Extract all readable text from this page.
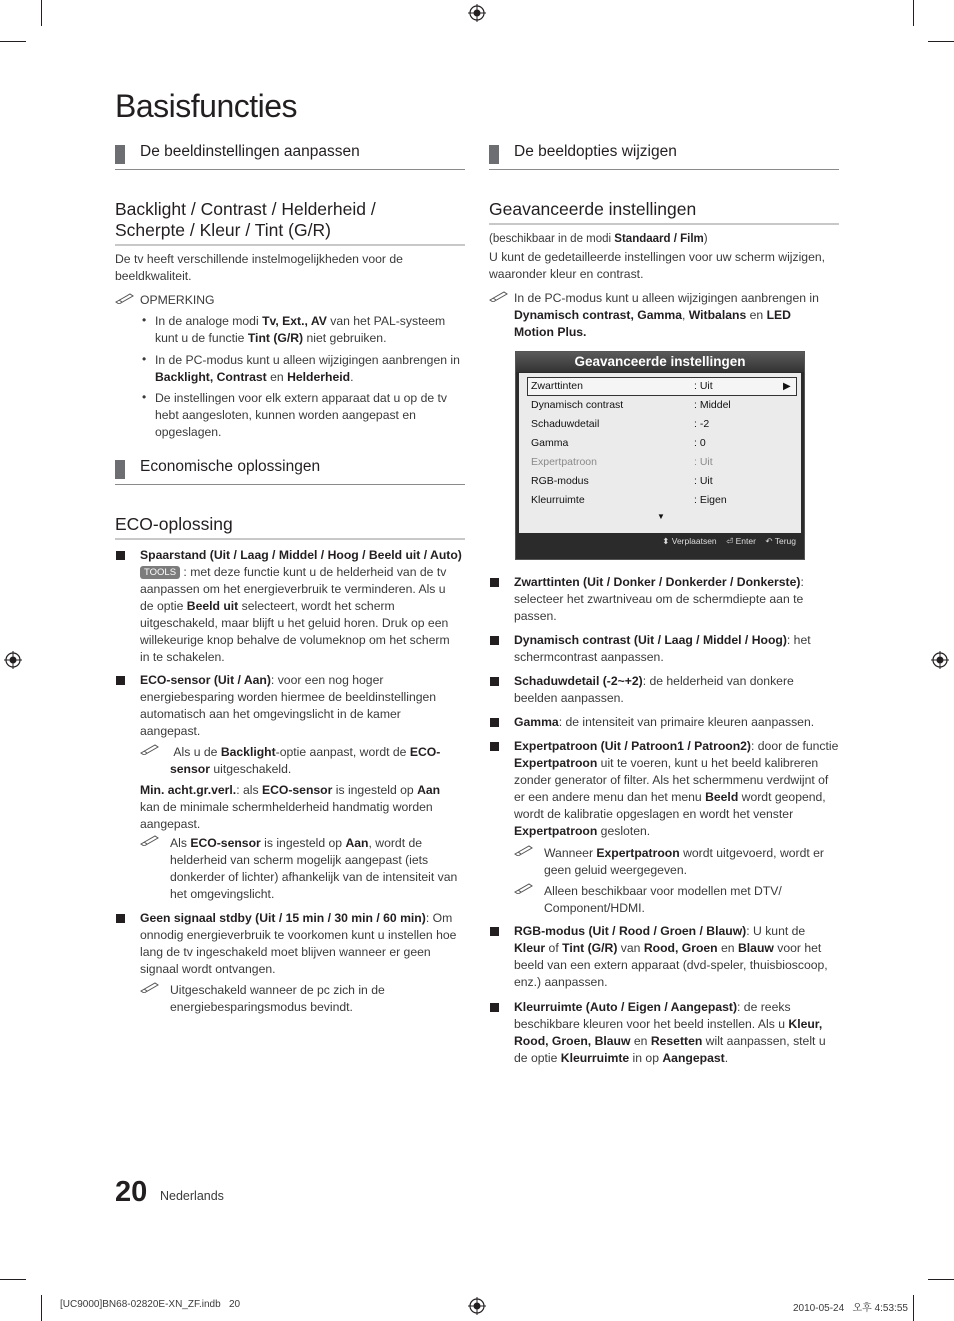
Basisfuncties
De beeldinstellingen aanpassen
Backlight / Contrast / Helderheid /
Scherpte / Kleur / Tint (G/R)
De tv heeft verschillende instelmogelijkheden voor de beeldkwaliteit.
OPMERKING
• In de analoge modi Tv, Ext., AV van het PAL-systeem kunt u de functie Tint (G/R) niet gebruiken.
• In de PC-modus kunt u alleen wijzigingen aanbrengen in Backlight, Contrast en Helderheid.
• De instellingen voor elk extern apparaat dat u op de tv hebt aangesloten, kunnen worden aangepast en opgeslagen.
Economische oplossingen
ECO-oplossing
Spaarstand (Uit / Laag / Middel / Hoog / Beeld uit / Auto) TOOLS : met deze functie kunt u de helderheid van de tv aanpassen om het energieverbruik te verminderen. Als u de optie Beeld uit selecteert, wordt het scherm uitgeschakeld, maar blijft u het geluid horen. Druk op een willekeurige knop behalve de volumeknop om het scherm in te schakelen.
ECO-sensor (Uit / Aan): voor een nog hoger energiebesparing worden hiermee de beeldinstellingen automatisch aan het omgevingslicht in de kamer aangepast.
Als u de Backlight-optie aanpast, wordt de ECO-sensor uitgeschakeld.
Min. acht.gr.verl.: als ECO-sensor is ingesteld op Aan kan de minimale schermhelderheid handmatig worden aangepast.
Als ECO-sensor is ingesteld op Aan, wordt de helderheid van scherm mogelijk aangepast (iets donkerder of lichter) afhankelijk van de intensiteit van het omgevingslicht.
Geen signaal stdby (Uit / 15 min / 30 min / 60 min): Om onnodig energieverbruik te voorkomen kunt u instellen hoe lang de tv ingeschakeld moet blijven wanneer er geen signaal wordt ontvangen.
Uitgeschakeld wanneer de pc zich in de energiebesparingsmodus bevindt.
De beeldopties wijzigen
Geavanceerde instellingen
(beschikbaar in de modi Standaard / Film)
U kunt de gedetailleerde instellingen voor uw scherm wijzigen, waaronder kleur en contrast.
In de PC-modus kunt u alleen wijzigingen aanbrengen in Dynamisch contrast, Gamma, Witbalans en LED Motion Plus.
Geavanceerde instellingen
Zwarttinten	: Uit	▶
Dynamisch contrast	: Middel
Schaduwdetail	: -2
Gamma	: 0
Expertpatroon	: Uit
RGB-modus	: Uit
Kleurruimte	: Eigen
▼
⬍ Verplaatsen ⏎ Enter ↶ Terug
Zwarttinten (Uit / Donker / Donkerder / Donkerste): selecteer het zwartniveau om de schermdiepte aan te passen.
Dynamisch contrast (Uit / Laag / Middel / Hoog): het schermcontrast aanpassen.
Schaduwdetail (-2~+2): de helderheid van donkere beelden aanpassen.
Gamma: de intensiteit van primaire kleuren aanpassen.
Expertpatroon (Uit / Patroon1 / Patroon2): door de functie Expertpatroon uit te voeren, kunt u het beeld kalibreren zonder generator of filter. Als het schermmenu verdwijnt of er een andere menu dan het menu Beeld wordt geopend, wordt de kalibratie opgeslagen en wordt het venster Expertpatroon gesloten.
Wanneer Expertpatroon wordt uitgevoerd, wordt er geen geluid weergegeven.
Alleen beschikbaar voor modellen met DTV/ Component/HDMI.
RGB-modus (Uit / Rood / Groen / Blauw): U kunt de Kleur of Tint (G/R) van Rood, Groen en Blauw voor het beeld van een extern apparaat (dvd-speler, thuisbioscoop, enz.) aanpassen.
Kleurruimte (Auto / Eigen / Aangepast): de reeks beschikbare kleuren voor het beeld instellen. Als u Kleur, Rood, Groen, Blauw en Resetten wilt aanpassen, stelt u de optie Kleurruimte in op Aangepast.
20 Nederlands
[UC9000]BN68-02820E-XN_ZF.indb   20	2010-05-24   오후 4:53:55
